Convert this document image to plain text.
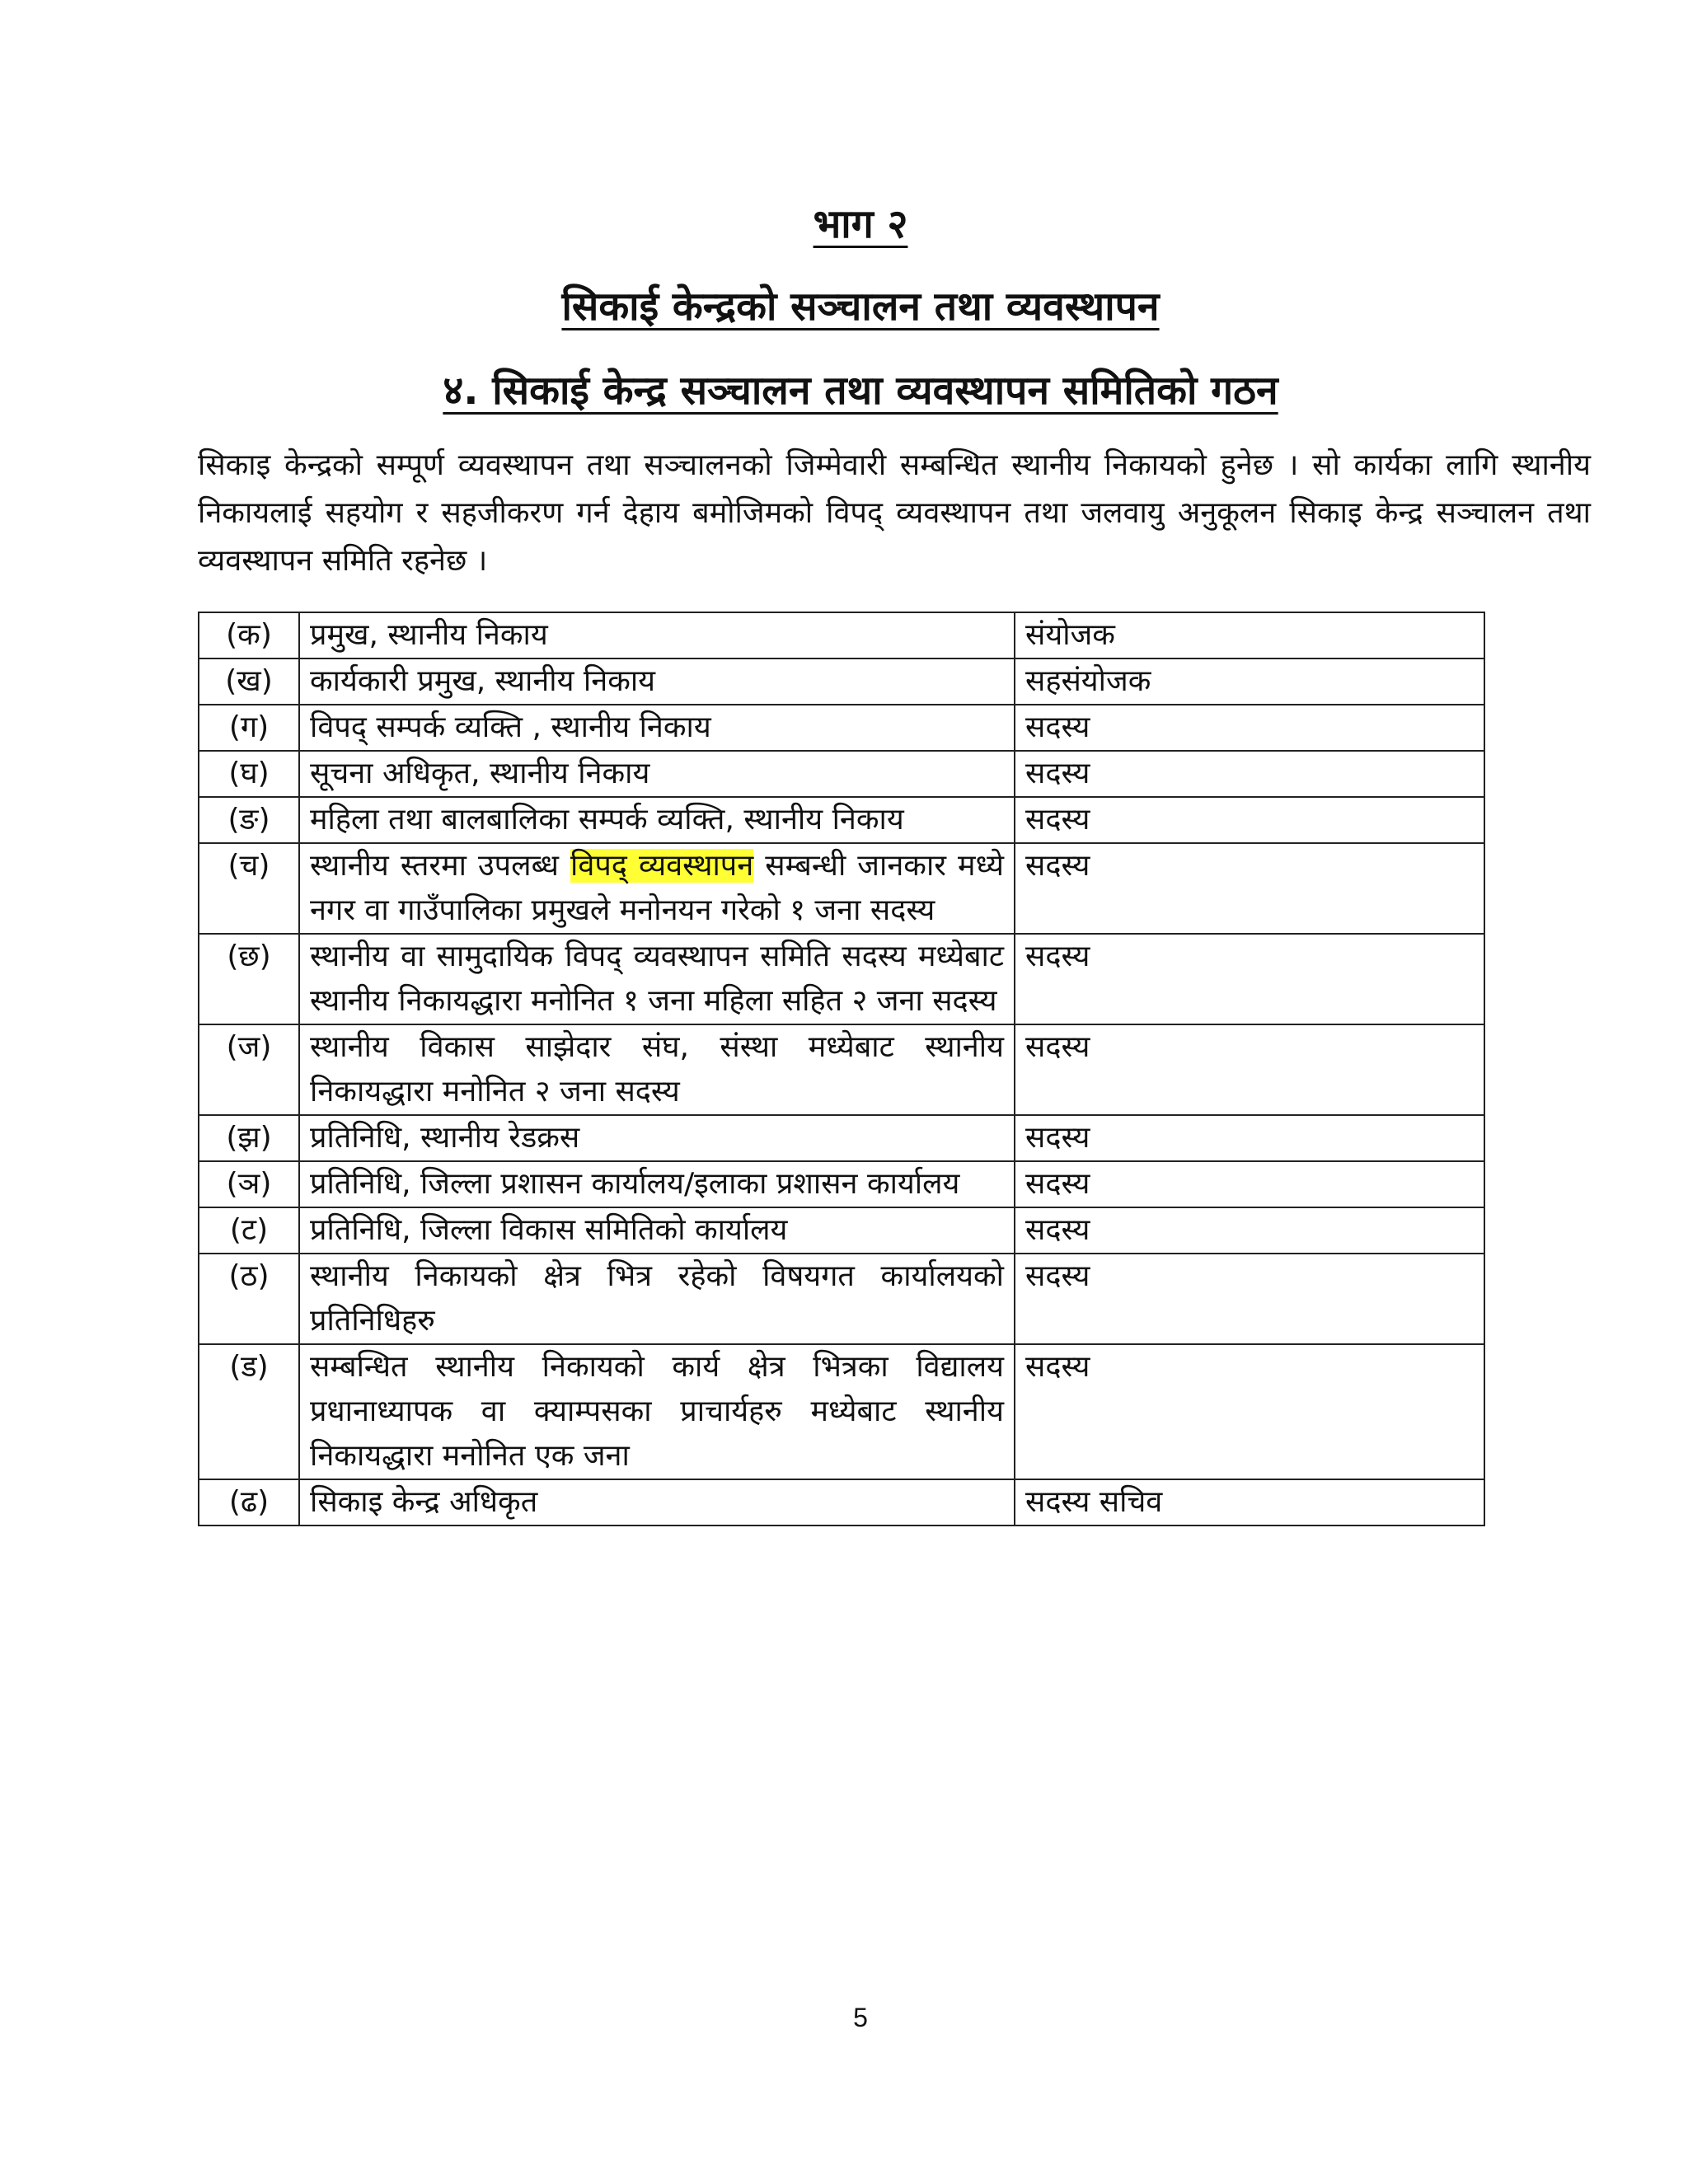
भाग २
सिकाई केन्द्रको सञ्चालन तथा व्यवस्थापन
४. सिकाई केन्द्र सञ्चालन तथा व्यवस्थापन समितिको गठन

सिकाइ केन्द्रको सम्पूर्ण व्यवस्थापन तथा सञ्चालनको जिम्मेवारी सम्बन्धित स्थानीय निकायको हुनेछ । सो कार्यका लागि स्थानीय निकायलाई सहयोग र सहजीकरण गर्न देहाय बमोजिमको विपद् व्यवस्थापन तथा जलवायु अनुकूलन सिकाइ केन्द्र सञ्चालन तथा व्यवस्थापन समिति रहनेछ ।

(क)	प्रमुख, स्थानीय निकाय	संयोजक
(ख)	कार्यकारी प्रमुख, स्थानीय निकाय	सहसंयोजक
(ग)	विपद् सम्पर्क व्यक्ति , स्थानीय निकाय	सदस्य
(घ)	सूचना अधिकृत, स्थानीय निकाय	सदस्य
(ङ)	महिला तथा बालबालिका सम्पर्क व्यक्ति, स्थानीय निकाय	सदस्य
(च)	स्थानीय स्तरमा उपलब्ध विपद् व्यवस्थापन सम्बन्धी जानकार मध्ये नगर वा गाउँपालिका प्रमुखले मनोनयन गरेको १ जना सदस्य	सदस्य
(छ)	स्थानीय वा सामुदायिक विपद् व्यवस्थापन समिति सदस्य मध्येबाट स्थानीय निकायद्धारा मनोनित १ जना महिला सहित २ जना सदस्य	सदस्य
(ज)	स्थानीय विकास साझेदार संघ, संस्था मध्येबाट स्थानीय निकायद्धारा मनोनित २ जना सदस्य	सदस्य
(झ)	प्रतिनिधि, स्थानीय रेडक्रस	सदस्य
(ञ)	प्रतिनिधि, जिल्ला प्रशासन कार्यालय/इलाका प्रशासन कार्यालय	सदस्य
(ट)	प्रतिनिधि, जिल्ला विकास समितिको कार्यालय	सदस्य
(ठ)	स्थानीय निकायको क्षेत्र भित्र रहेको विषयगत कार्यालयको प्रतिनिधिहरु	सदस्य
(ड)	सम्बन्धित स्थानीय निकायको कार्य क्षेत्र भित्रका विद्यालय प्रधानाध्यापक वा क्याम्पसका प्राचार्यहरु मध्येबाट स्थानीय निकायद्धारा मनोनित एक जना	सदस्य
(ढ)	सिकाइ केन्द्र अधिकृत	सदस्य सचिव

5
